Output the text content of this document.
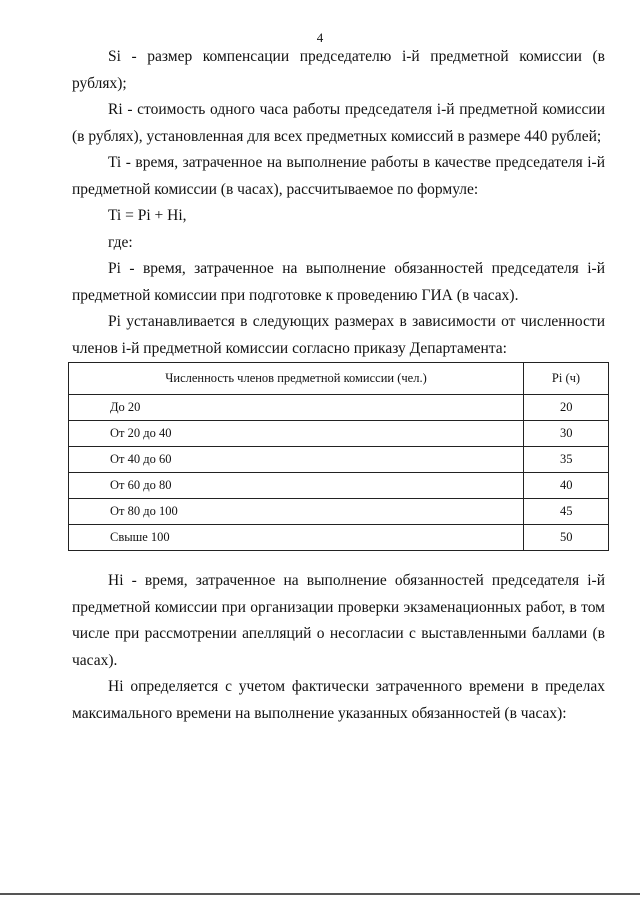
4

Si - размер компенсации председателю i-й предметной комиссии (в рублях);

Ri - стоимость одного часа работы председателя i-й предметной комиссии (в рублях), установленная для всех предметных комиссий в размере 440 рублей;

Ti - время, затраченное на выполнение работы в качестве председателя i-й предметной комиссии (в часах), рассчитываемое по формуле:

Ti = Pi + Hi,

где:

Pi - время, затраченное на выполнение обязанностей председателя i-й предметной комиссии при подготовке к проведению ГИА (в часах).

Pi устанавливается в следующих размерах в зависимости от численности членов i-й предметной комиссии согласно приказу Департамента:

Численность членов предметной комиссии (чел.)	Pi (ч)
До 20	20
От 20 до 40	30
От 40 до 60	35
От 60 до 80	40
От 80 до 100	45
Свыше 100	50

Hi - время, затраченное на выполнение обязанностей председателя i-й предметной комиссии при организации проверки экзаменационных работ, в том числе при рассмотрении апелляций о несогласии с выставленными баллами (в часах).

Hi определяется с учетом фактически затраченного времени в пределах максимального времени на выполнение указанных обязанностей (в часах):
